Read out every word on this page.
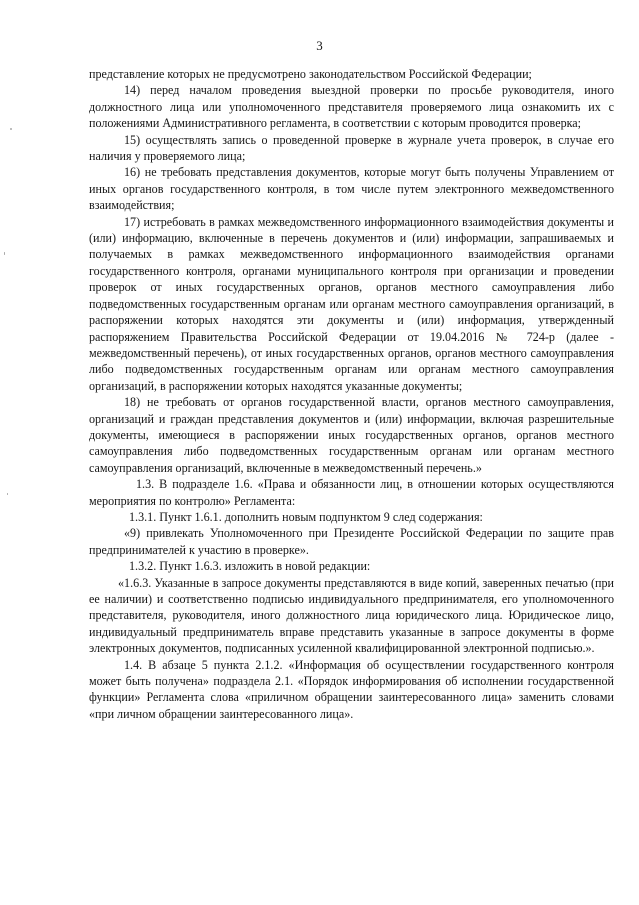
3

представление которых не предусмотрено законодательством Российской Федерации;

14) перед началом проведения выездной проверки по просьбе руководителя, иного должностного лица или уполномоченного представителя проверяемого лица ознакомить их с положениями Административного регламента, в соответствии с которым проводится проверка;

15) осуществлять запись о проведенной проверке в журнале учета проверок, в случае его наличия у проверяемого лица;

16) не требовать представления документов, которые могут быть получены Управлением от иных органов государственного контроля, в том числе путем электронного межведомственного взаимодействия;

17) истребовать в рамках межведомственного информационного взаимодействия документы и (или) информацию, включенные в перечень документов и (или) информации, запрашиваемых и получаемых в рамках межведомственного информационного взаимодействия органами государственного контроля, органами муниципального контроля при организации и проведении проверок от иных государственных органов, органов местного самоуправления либо подведомственных государственным органам или органам местного самоуправления организаций, в распоряжении которых находятся эти документы и (или) информация, утвержденный распоряжением Правительства Российской Федерации от 19.04.2016 № 724-р (далее - межведомственный перечень), от иных государственных органов, органов местного самоуправления либо подведомственных государственным органам или органам местного самоуправления организаций, в распоряжении которых находятся указанные документы;

18) не требовать от органов государственной власти, органов местного самоуправления, организаций и граждан представления документов и (или) информации, включая разрешительные документы, имеющиеся в распоряжении иных государственных органов, органов местного самоуправления либо подведомственных государственным органам или органам местного самоуправления организаций, включенные в межведомственный перечень.»

1.3. В подразделе 1.6. «Права и обязанности лиц, в отношении которых осуществляются мероприятия по контролю» Регламента:

1.3.1. Пункт 1.6.1. дополнить новым подпунктом 9 след содержания:

«9) привлекать Уполномоченного при Президенте Российской Федерации по защите прав предпринимателей к участию в проверке».

1.3.2. Пункт 1.6.3. изложить в новой редакции:

«1.6.3. Указанные в запросе документы представляются в виде копий, заверенных печатью (при ее наличии) и соответственно подписью индивидуального предпринимателя, его уполномоченного представителя, руководителя, иного должностного лица юридического лица. Юридическое лицо, индивидуальный предприниматель вправе представить указанные в запросе документы в форме электронных документов, подписанных усиленной квалифицированной электронной подписью.».

1.4. В абзаце 5 пункта 2.1.2. «Информация об осуществлении государственного контроля может быть получена» подраздела 2.1. «Порядок информирования об исполнении государственной функции» Регламента слова «приличном обращении заинтересованного лица» заменить словами «при личном обращении заинтересованного лица».
